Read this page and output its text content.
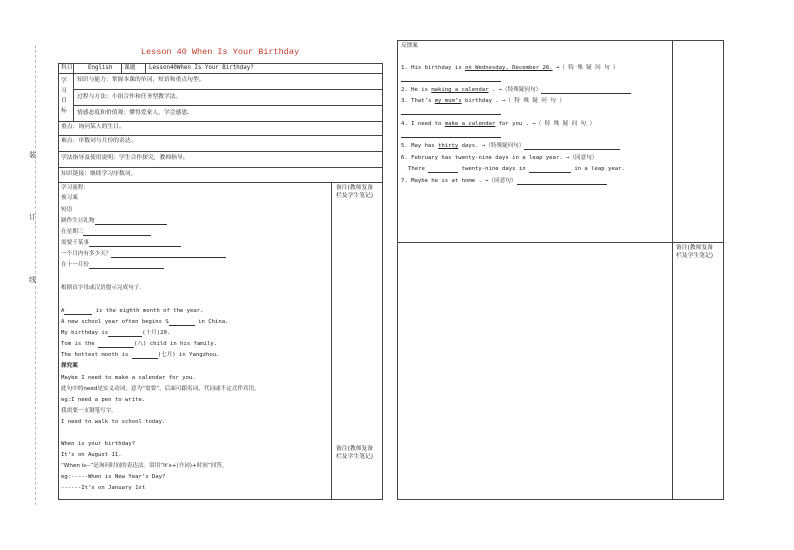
Lesson 40 When Is Your Birthday
装
订
线
科目	English 课题 Lesson40When Is Your Birthday?
学习目标
知识与能力：掌握本课的单词，短语和重点句型。
过程与方法：小组合作和任务型教学法。
情感态度和价值观：懂得爱家人，学会感恩。
重点：询问某人的生日。
难点：序数词与月份的表达。
学法指导及使用说明：学生合作探究，教师指导。
知识链接：继续学习序数词。
备注(教师复备栏及学生笔记)
备注(教师复备栏及学生笔记)
学习流程：
预习案
短语
制作生日礼物
在星期三
需要干某事
一个月内有多少天？
在十一月份
根据首字母或汉语提示完成句子。
A	is the eighth month of the year.
A new school year often begins S	in China.
My birthday is	(十月)20.
Tom is the	(八) child in his family.
The hottest month is	(七月) in Yangzhou.
探究案
Maybe I need to make a calendar for you.
此句中的need是实义动词，意为“需要”，后面可跟名词，代词或不定式作宾语。
eg:I need a pen to write.
我需要一支钢笔写字。
I need to walk to school today.
When is your birthday?
It’s on August 11.
“When is--”是询问时间的表达法。常用“It’s+(介词)+时间”回答。
eg:-----When is New Year’s Day?
------It’s on January 1st
备注(教师复备栏及学生笔记)
反馈案
1. His birthday is on Wednesday, December 26. →（ 特 殊 疑 问 句 ）
2. He is making a calendar . →（特殊疑问句）
3. That’s my mum’s birthday . →（ 特 殊 疑 问 句 ）
4. I need to make a calendar for you . →（ 特 殊 疑 问 句 ）
5. May has thirty days. →（特殊疑问句）
6. February has twenty-nine days in a leap year. →（同意句）
There	twenty-nine days in	in a leap year.
7. Maybe he is at home . →（同意句）
